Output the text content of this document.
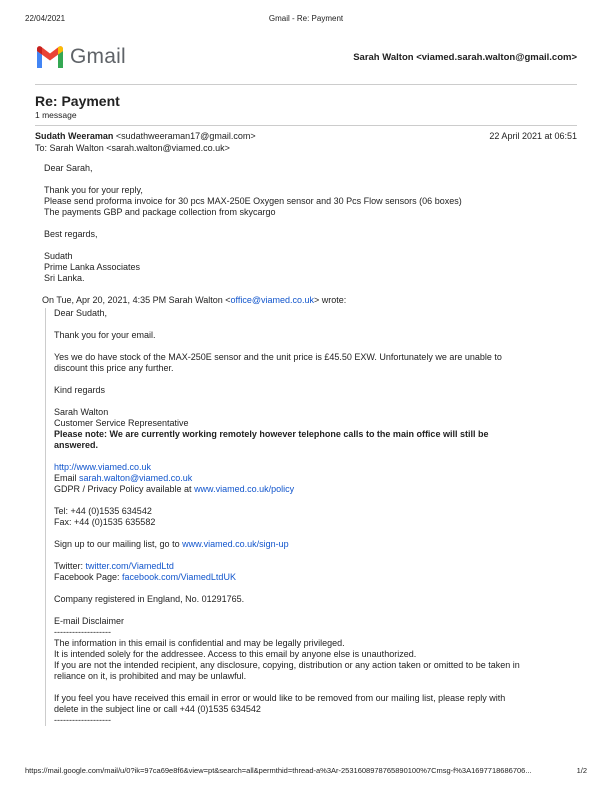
22/04/2021	Gmail - Re: Payment
Gmail	Sarah Walton <viamed.sarah.walton@gmail.com>
Re: Payment
1 message
Sudath Weeraman <sudathweeraman17@gmail.com>	22 April 2021 at 06:51
To: Sarah Walton <sarah.walton@viamed.co.uk>

Dear Sarah,

Thank you for your reply,
Please send proforma invoice for 30 pcs MAX-250E Oxygen sensor and 30 Pcs Flow sensors (06 boxes)
The payments GBP and package collection from skycargo

Best regards,

Sudath
Prime Lanka Associates
Sri Lanka.

On Tue, Apr 20, 2021, 4:35 PM Sarah Walton <office@viamed.co.uk> wrote:

Dear Sudath,

Thank you for your email.

Yes we do have stock of the MAX-250E sensor and the unit price is £45.50 EXW. Unfortunately we are unable to
discount this price any further.

Kind regards

Sarah Walton
Customer Service Representative
Please note: We are currently working remotely however telephone calls to the main office will still be
answered.

http://www.viamed.co.uk
Email sarah.walton@viamed.co.uk
GDPR / Privacy Policy available at www.viamed.co.uk/policy

Tel: +44 (0)1535 634542
Fax: +44 (0)1535 635582

Sign up to our mailing list, go to www.viamed.co.uk/sign-up

Twitter: twitter.com/ViamedLtd
Facebook Page: facebook.com/ViamedLtdUK

Company registered in England, No. 01291765.

E-mail Disclaimer
-------------------
The information in this email is confidential and may be legally privileged.
It is intended solely for the addressee. Access to this email by anyone else is unauthorized.
If you are not the intended recipient, any disclosure, copying, distribution or any action taken or omitted to be taken in
reliance on it, is prohibited and may be unlawful.

If you feel you have received this email in error or would like to be removed from our mailing list, please reply with
delete in the subject line or call +44 (0)1535 634542
-------------------

https://mail.google.com/mail/u/0?ik=97ca69e8f6&view=pt&search=all&permthid=thread-a%3Ar-2531608978765890100%7Cmsg-f%3A1697718686706...	1/2
